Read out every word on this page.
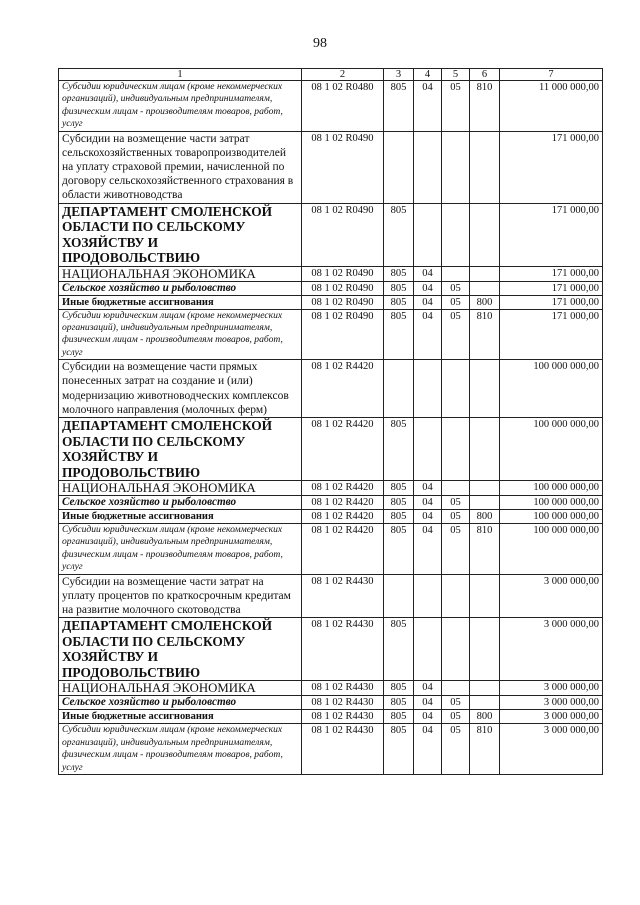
98
1	2	3	4	5	6	7
Субсидии юридическим лицам (кроме некоммерческих организаций), индивидуальным предпринимателям, физическим лицам - производителям товаров, работ, услуг	08 1 02 R0480	805	04	05	810	11 000 000,00
Субсидии на возмещение части затрат сельскохозяйственных товаропроизводителей на уплату страховой премии, начисленной по договору сельскохозяйственного страхования в области животноводства	08 1 02 R0490					171 000,00
ДЕПАРТАМЕНТ СМОЛЕНСКОЙ ОБЛАСТИ ПО СЕЛЬСКОМУ ХОЗЯЙСТВУ И ПРОДОВОЛЬСТВИЮ	08 1 02 R0490	805				171 000,00
НАЦИОНАЛЬНАЯ ЭКОНОМИКА	08 1 02 R0490	805	04			171 000,00
Сельское хозяйство и рыболовство	08 1 02 R0490	805	04	05		171 000,00
Иные бюджетные ассигнования	08 1 02 R0490	805	04	05	800	171 000,00
Субсидии юридическим лицам (кроме некоммерческих организаций), индивидуальным предпринимателям, физическим лицам - производителям товаров, работ, услуг	08 1 02 R0490	805	04	05	810	171 000,00
Субсидии на возмещение части прямых понесенных затрат на создание и (или) модернизацию животноводческих комплексов молочного направления (молочных ферм)	08 1 02 R4420					100 000 000,00
ДЕПАРТАМЕНТ СМОЛЕНСКОЙ ОБЛАСТИ ПО СЕЛЬСКОМУ ХОЗЯЙСТВУ И ПРОДОВОЛЬСТВИЮ	08 1 02 R4420	805				100 000 000,00
НАЦИОНАЛЬНАЯ ЭКОНОМИКА	08 1 02 R4420	805	04			100 000 000,00
Сельское хозяйство и рыболовство	08 1 02 R4420	805	04	05		100 000 000,00
Иные бюджетные ассигнования	08 1 02 R4420	805	04	05	800	100 000 000,00
Субсидии юридическим лицам (кроме некоммерческих организаций), индивидуальным предпринимателям, физическим лицам - производителям товаров, работ, услуг	08 1 02 R4420	805	04	05	810	100 000 000,00
Субсидии на возмещение части затрат на уплату процентов по краткосрочным кредитам на развитие молочного скотоводства	08 1 02 R4430					3 000 000,00
ДЕПАРТАМЕНТ СМОЛЕНСКОЙ ОБЛАСТИ ПО СЕЛЬСКОМУ ХОЗЯЙСТВУ И ПРОДОВОЛЬСТВИЮ	08 1 02 R4430	805				3 000 000,00
НАЦИОНАЛЬНАЯ ЭКОНОМИКА	08 1 02 R4430	805	04			3 000 000,00
Сельское хозяйство и рыболовство	08 1 02 R4430	805	04	05		3 000 000,00
Иные бюджетные ассигнования	08 1 02 R4430	805	04	05	800	3 000 000,00
Субсидии юридическим лицам (кроме некоммерческих организаций), индивидуальным предпринимателям, физическим лицам - производителям товаров, работ, услуг	08 1 02 R4430	805	04	05	810	3 000 000,00
